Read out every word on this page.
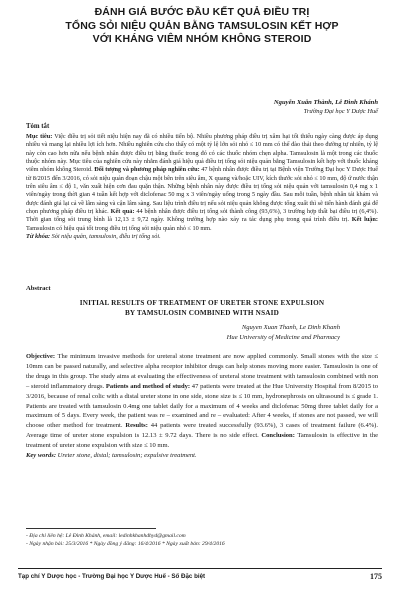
ĐÁNH GIÁ BƯỚC ĐẦU KẾT QUẢ ĐIỀU TRỊ
TỔNG SỎI NIỆU QUẢN BẰNG TAMSULOSIN KẾT HỢP
VỚI KHÁNG VIÊM NHÓM KHÔNG STEROID
Nguyễn Xuân Thành, Lê Đình Khánh
Trường Đại học Y Dược Huế
Tóm tắt

Mục tiêu: Việc điều trị sỏi tiết niệu hiện nay đã có nhiều tiến bộ. Nhiều phương pháp điều trị xâm hại tối thiểu ngày càng được áp dụng nhiều và mang lại nhiều lợi ích hơn. Nhiều nghiên cứu cho thấy có một tỷ lệ lớn sỏi nhỏ ≤ 10 mm có thể đào thải theo đường tự nhiên, tỷ lệ này còn cao hơn nữa nếu bệnh nhân được điều trị bằng thuốc trong đó có các thuốc nhóm chẹn alpha. Tamsulosin là một trong các thuốc thuộc nhóm này. Mục tiêu của nghiên cứu này nhằm đánh giá hiệu quả điều trị tống sỏi niệu quản bằng Tamsulosin kết hợp với thuốc kháng viêm nhóm không Steroid. Đối tượng và phương pháp nghiên cứu: 47 bệnh nhân được điều trị tại Bệnh viện Trường Đại học Y Dược Huế từ 8/2015 đến 3/2016, có sỏi niệu quản đoạn chậu một bên trên siêu âm, X quang và/hoặc UIV, kích thước sỏi nhỏ ≤ 10 mm, độ ứ nước thận trên siêu âm ≤ độ 1, văn xuất hiện cơn đau quặn thận. Những bệnh nhân này được điều trị tống sỏi niệu quản với tamsulosin 0,4 mg x 1 viên/ngày trong thời gian 4 tuần kết hợp với diclofenac 50 mg x 3 viên/ngày uống trong 5 ngày đầu. Sau mỗi tuần, bệnh nhân tái khám và được đánh giá lại cả về lâm sàng và cận lâm sàng. Sau liệu trình điều trị nếu sỏi niệu quản không được tống xuất thì sẽ tiến hành đánh giá để chọn phương pháp điều trị khác. Kết quả: 44 bệnh nhân được điều trị tống sỏi thành công (93,6%), 3 trường hợp thất bại điều trị (6,4%). Thời gian tống sỏi trung bình là 12,13 ± 9,72 ngày. Không trường hợp nào xảy ra tác dụng phụ trong quá trình điều trị. Kết luận: Tamsulosin có hiệu quả tốt trong điều trị tống sỏi niệu quản nhỏ ≤ 10 mm.

Từ khóa: Sỏi niệu quản, tamsulosin, điều trị tống sỏi.

Abstract
INITIAL RESULTS OF TREATMENT OF URETER STONE EXPULSION
BY TAMSULOSIN COMBINED WITH NSAID
Nguyen Xuan Thanh, Le Dinh Khanh
Hue University of Medicine and Pharmacy

Objective: The minimum invasive methods for ureteral stone treatment are now applied commonly. Small stones with the size ≤ 10mm can be passed naturally, and selective alpha receptor inhibitor drugs can help stones moving more easier. Tamsulosin is one of the drugs in this group. The study aims at evaluating the effectiveness of ureteral stone treatment with tamsulosin combined with non – steroid inflammatory drugs. Patients and method of study: 47 patients were treated at the Hue University Hospital from 8/2015 to 3/2016, because of renal colic with a distal ureter stone in one side, stone size is ≤ 10 mm, hydronephrosis on ultrasound is ≤ grade 1. Patients are treated with tamsulosin 0.4mg one tablet daily for a maximum of 4 weeks and diclofenac 50mg three tablet daily for a maximum of 5 days. Every week, the patient was re – examined and re – evaluated: After 4 weeks, if stones are not passed, we will choose other method for treatment. Results: 44 patients were treated successfully (93.6%), 3 cases of treatment failure (6.4%). Average time of ureter stone expulsion is 12.13 ± 9.72 days. There is no side effect. Conclusion: Tamsulosin is effective in the treatment of ureter stone expulsion with size ≤ 10 mm.

Key words: Ureter stone, distal; tamsulosin; expulsive treatment.

- Địa chỉ liên hệ: Lê Đình Khánh, email: ledinhkhanhdhyd@gmail.com
- Ngày nhận bài: 25/3/2016 * Ngày đồng ý đăng: 16/4/2016 * Ngày xuất bản: 29/4/2016
Tạp chí Y Dược học - Trường Đại học Y Dược Huế - Số Đặc biệt	175
